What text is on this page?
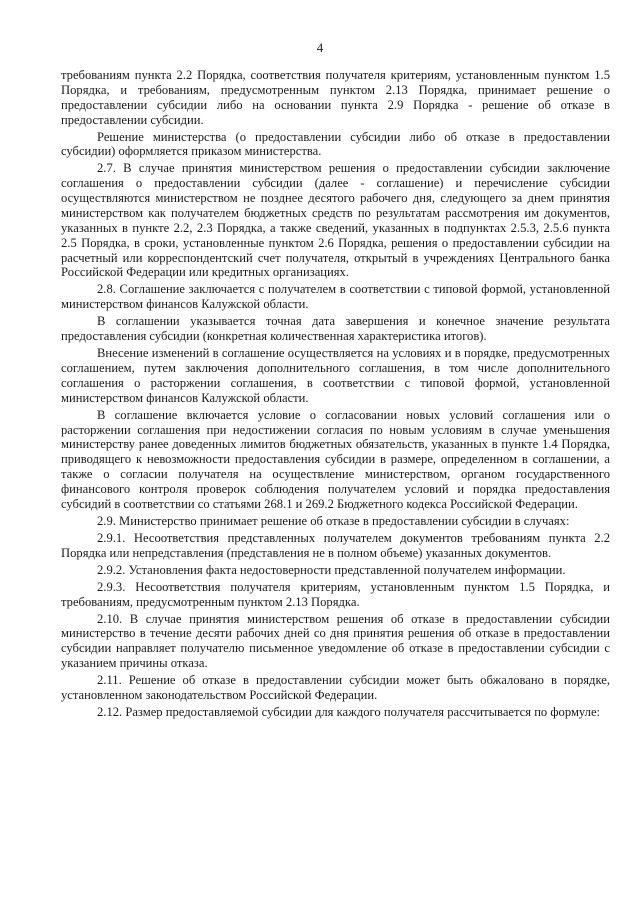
4

требованиям пункта 2.2 Порядка, соответствия получателя критериям, установленным пунктом 1.5 Порядка, и требованиям, предусмотренным пунктом 2.13 Порядка, принимает решение о предоставлении субсидии либо на основании пункта 2.9 Порядка - решение об отказе в предоставлении субсидии.

Решение министерства (о предоставлении субсидии либо об отказе в предоставлении субсидии) оформляется приказом министерства.

2.7. В случае принятия министерством решения о предоставлении субсидии заключение соглашения о предоставлении субсидии (далее - соглашение) и перечисление субсидии осуществляются министерством не позднее десятого рабочего дня, следующего за днем принятия министерством как получателем бюджетных средств по результатам рассмотрения им документов, указанных в пункте 2.2, 2.3 Порядка, а также сведений, указанных в подпунктах 2.5.3, 2.5.6 пункта 2.5 Порядка, в сроки, установленные пунктом 2.6 Порядка, решения о предоставлении субсидии на расчетный или корреспондентский счет получателя, открытый в учреждениях Центрального банка Российской Федерации или кредитных организациях.

2.8. Соглашение заключается с получателем в соответствии с типовой формой, установленной министерством финансов Калужской области.

В соглашении указывается точная дата завершения и конечное значение результата предоставления субсидии (конкретная количественная характеристика итогов).

Внесение изменений в соглашение осуществляется на условиях и в порядке, предусмотренных соглашением, путем заключения дополнительного соглашения, в том числе дополнительного соглашения о расторжении соглашения, в соответствии с типовой формой, установленной министерством финансов Калужской области.

В соглашение включается условие о согласовании новых условий соглашения или о расторжении соглашения при недостижении согласия по новым условиям в случае уменьшения министерству ранее доведенных лимитов бюджетных обязательств, указанных в пункте 1.4 Порядка, приводящего к невозможности предоставления субсидии в размере, определенном в соглашении, а также о согласии получателя на осуществление министерством, органом государственного финансового контроля проверок соблюдения получателем условий и порядка предоставления субсидий в соответствии со статьями 268.1 и 269.2 Бюджетного кодекса Российской Федерации.

2.9. Министерство принимает решение об отказе в предоставлении субсидии в случаях:

2.9.1. Несоответствия представленных получателем документов требованиям пункта 2.2 Порядка или непредставления (представления не в полном объеме) указанных документов.

2.9.2. Установления факта недостоверности представленной получателем информации.

2.9.3. Несоответствия получателя критериям, установленным пунктом 1.5 Порядка, и требованиям, предусмотренным пунктом 2.13 Порядка.

2.10. В случае принятия министерством решения об отказе в предоставлении субсидии министерство в течение десяти рабочих дней со дня принятия решения об отказе в предоставлении субсидии направляет получателю письменное уведомление об отказе в предоставлении субсидии с указанием причины отказа.

2.11. Решение об отказе в предоставлении субсидии может быть обжаловано в порядке, установленном законодательством Российской Федерации.

2.12. Размер предоставляемой субсидии для каждого получателя рассчитывается по формуле:
